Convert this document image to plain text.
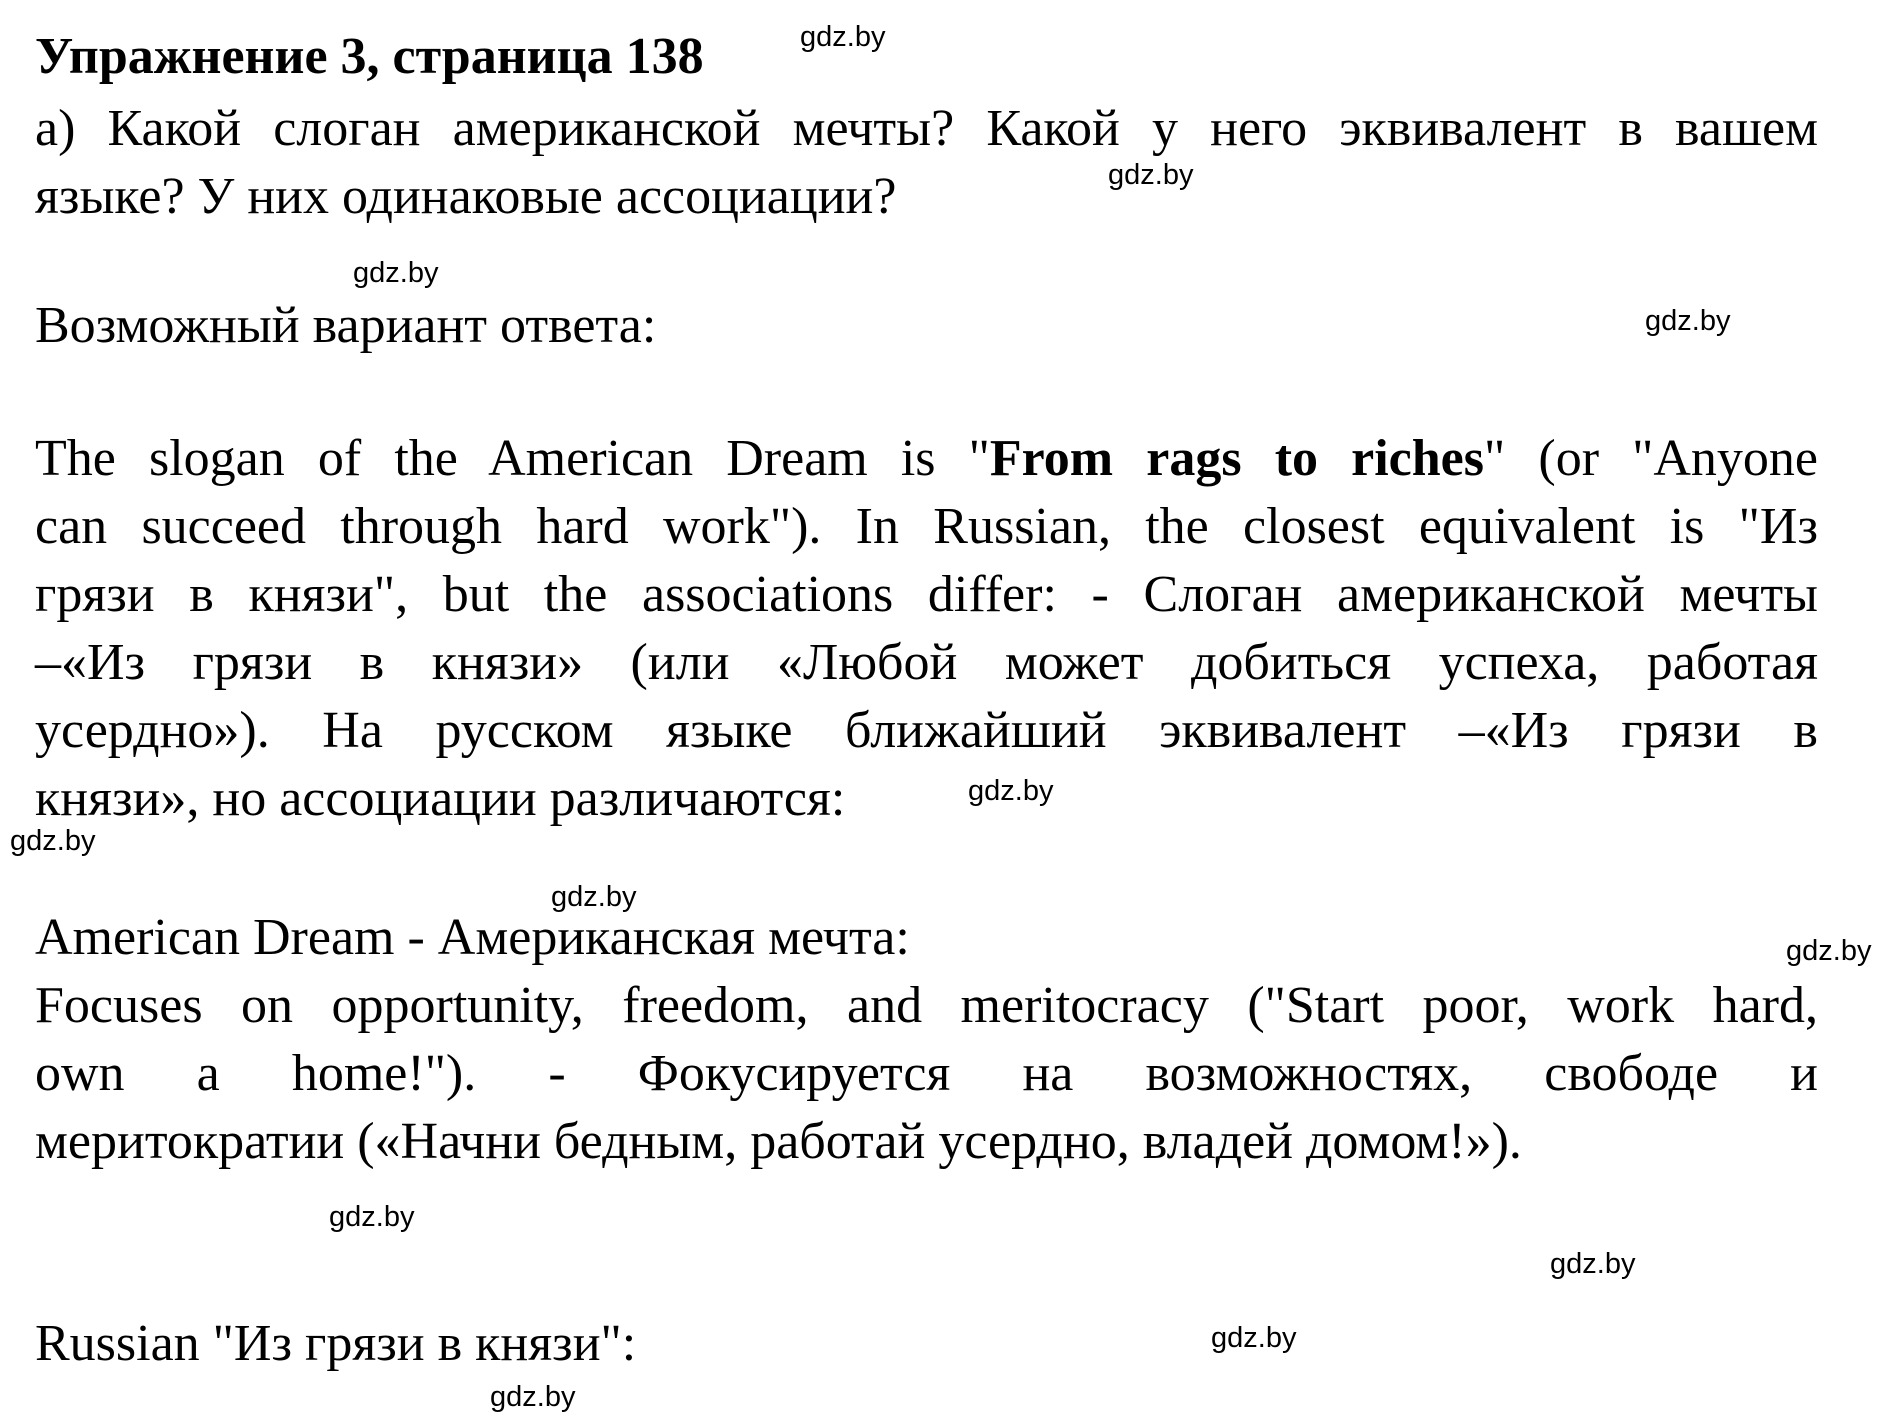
Упражнение 3, страница 138
а) Какой слоган американской мечты? Какой у него эквивалент в вашем
языке? У них одинаковые ассоциации?
Возможный вариант ответа:
The slogan of the American Dream is "From rags to riches" (or "Anyone
can succeed through hard work"). In Russian, the closest equivalent is "Из
грязи в князи", but the associations differ: - Слоган американской мечты
–«Из грязи в князи» (или «Любой может добиться успеха, работая
усердно»). На русском языке ближайший эквивалент –«Из грязи в
князи», но ассоциации различаются:
American Dream - Американская мечта:
Focuses on opportunity, freedom, and meritocracy ("Start poor, work hard,
own a home!"). - Фокусируется на возможностях, свободе и
меритократии («Начни бедным, работай усердно, владей домом!»).
Russian "Из грязи в князи":
gdz.by
gdz.by
gdz.by
gdz.by
gdz.by
gdz.by
gdz.by
gdz.by
gdz.by
gdz.by
gdz.by
gdz.by
